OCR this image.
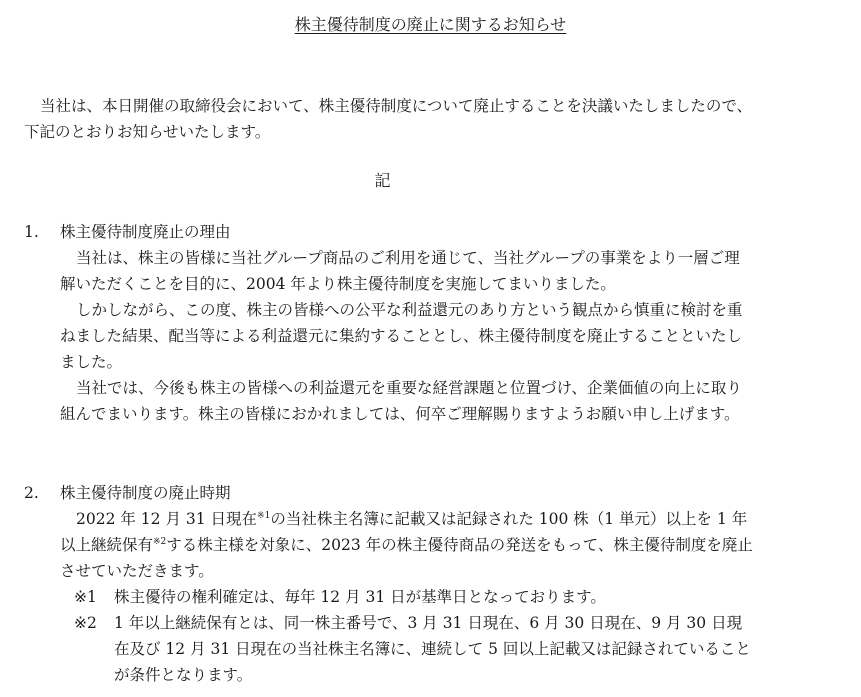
株主優待制度の廃止に関するお知らせ
当社は、本日開催の取締役会において、株主優待制度について廃止することを決議いたしましたので、下記のとおりお知らせいたします。
記
1.	株主優待制度廃止の理由
当社は、株主の皆様に当社グループ商品のご利用を通じて、当社グループの事業をより一層ご理解いただくことを目的に、2004 年より株主優待制度を実施してまいりました。
しかしながら、この度、株主の皆様への公平な利益還元のあり方という観点から慎重に検討を重ねました結果、配当等による利益還元に集約することとし、株主優待制度を廃止することといたしました。
当社では、今後も株主の皆様への利益還元を重要な経営課題と位置づけ、企業価値の向上に取り組んでまいります。株主の皆様におかれましては、何卒ご理解賜りますようお願い申し上げます。
2.	株主優待制度の廃止時期
2022 年 12 月 31 日現在$^{※1}$の当社株主名簿に記載又は記録された 100 株（1 単元）以上を 1 年以上継続保有$^{※2}$する株主様を対象に、2023 年の株主優待商品の発送をもって、株主優待制度を廃止させていただきます。
※1	株主優待の権利確定は、毎年 12 月 31 日が基準日となっております。
※2	1 年以上継続保有とは、同一株主番号で、3 月 31 日現在、6 月 30 日現在、9 月 30 日現在及び 12 月 31 日現在の当社株主名簿に、連続して 5 回以上記載又は記録されていることが条件となります。
